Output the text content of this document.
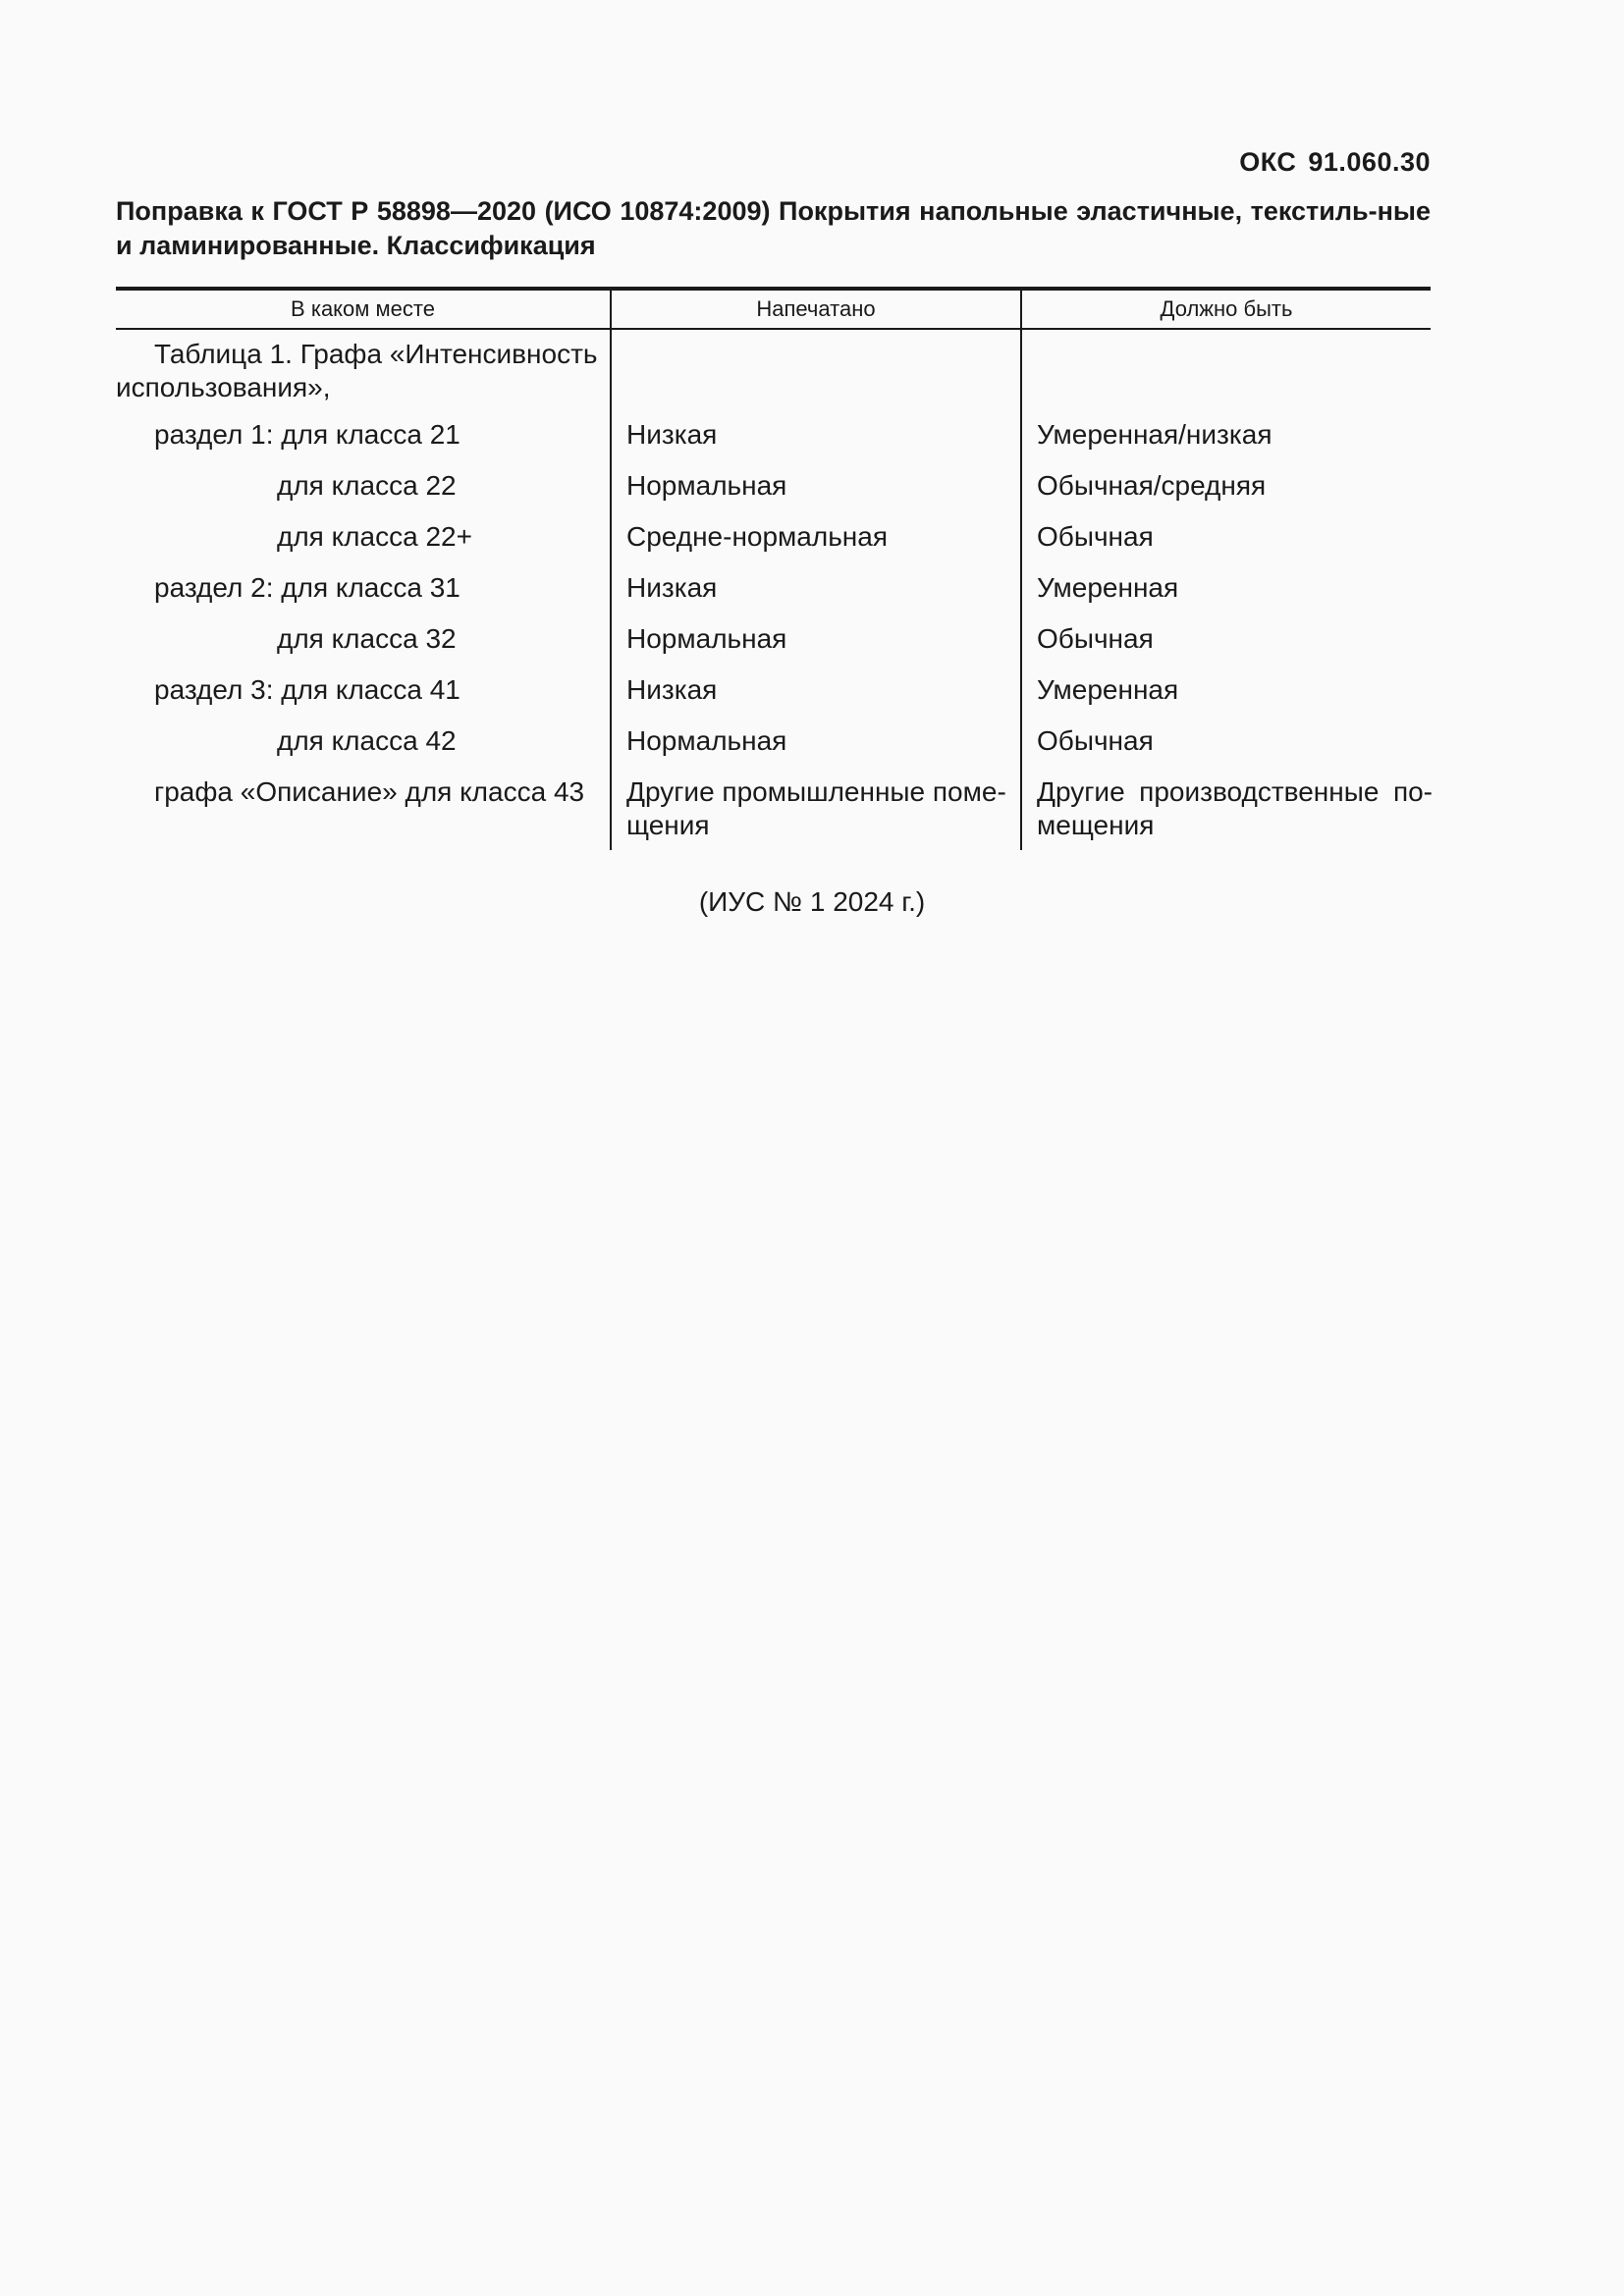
ОКС 91.060.30
Поправка к ГОСТ Р 58898—2020 (ИСО 10874:2009) Покрытия напольные эластичные, текстиль-ные и ламинированные. Классификация
В каком месте	Напечатано	Должно быть
Таблица 1. Графа «Интенсивность использования»,
раздел 1: для класса 21
для класса 22
для класса 22+
раздел 2: для класса 31
для класса 32
раздел 3: для класса 41
для класса 42
графа «Описание» для класса 43
Низкая
Нормальная
Средне-нормальная
Низкая
Нормальная
Низкая
Нормальная
Другие промышленные поме-щения
Умеренная/низкая
Обычная/средняя
Обычная
Умеренная
Обычная
Умеренная
Обычная
Другие производственные по-мещения
(ИУС № 1 2024 г.)
